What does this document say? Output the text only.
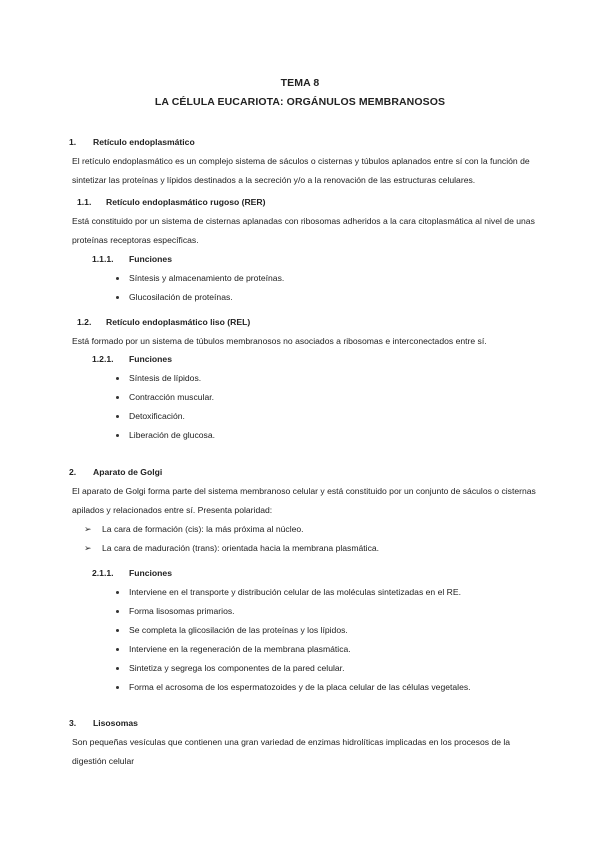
TEMA 8
LA CÉLULA EUCARIOTA: ORGÁNULOS MEMBRANOSOS
1. Retículo endoplasmático
El retículo endoplasmático es un complejo sistema de sáculos o cisternas y túbulos aplanados entre sí con la función de
sintetizar las proteínas y lípidos destinados a la secreción y/o a la renovación de las estructuras celulares.
1.1. Retículo endoplasmático rugoso (RER)
Está constituido por un sistema de cisternas aplanadas con ribosomas adheridos a la cara citoplasmática al nivel de unas
proteínas receptoras específicas.
1.1.1. Funciones
Síntesis y almacenamiento de proteínas.
Glucosilación de proteínas.
1.2. Retículo endoplasmático liso (REL)
Está formado por un sistema de túbulos membranosos no asociados a ribosomas e interconectados entre sí.
1.2.1. Funciones
Síntesis de lípidos.
Contracción muscular.
Detoxificación.
Liberación de glucosa.
2. Aparato de Golgi
El aparato de Golgi forma parte del sistema membranoso celular y está constituido por un conjunto de sáculos o cisternas
apilados y relacionados entre sí. Presenta polaridad:
➢ La cara de formación (cis): la más próxima al núcleo.
➢ La cara de maduración (trans): orientada hacia la membrana plasmática.
2.1.1. Funciones
Interviene en el transporte y distribución celular de las moléculas sintetizadas en el RE.
Forma lisosomas primarios.
Se completa la glicosilación de las proteínas y los lípidos.
Interviene en la regeneración de la membrana plasmática.
Sintetiza y segrega los componentes de la pared celular.
Forma el acrosoma de los espermatozoides y de la placa celular de las células vegetales.
3. Lisosomas
Son pequeñas vesículas que contienen una gran variedad de enzimas hidrolíticas implicadas en los procesos de la
digestión celular
